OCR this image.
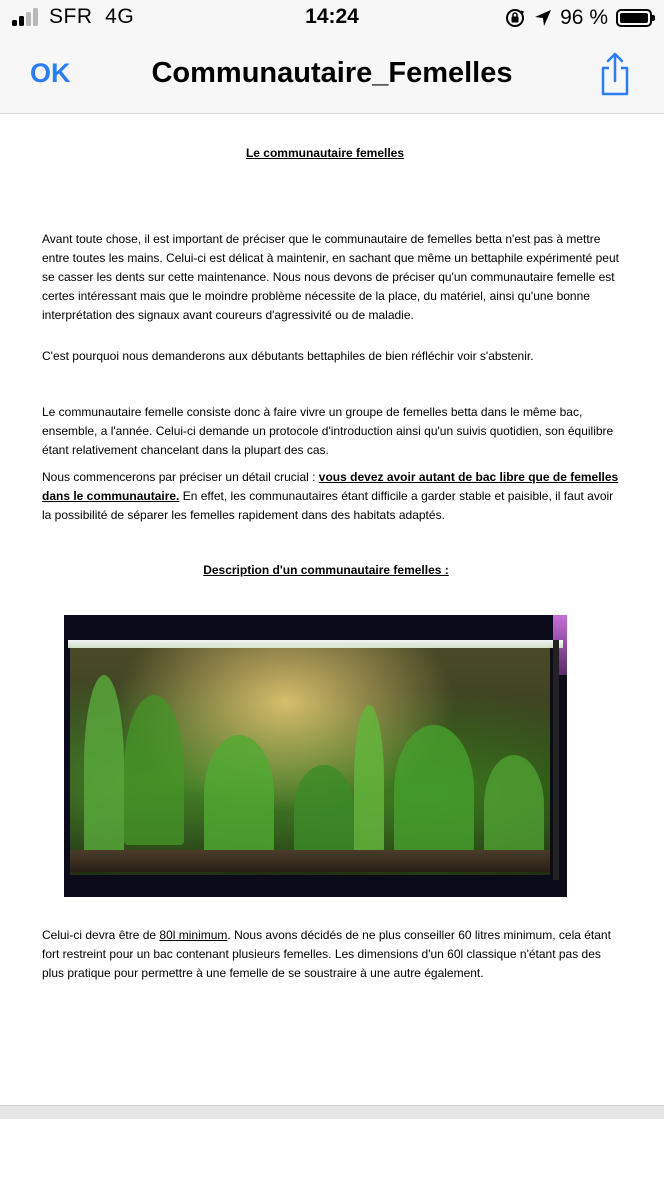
SFR 4G	14:24	96 %
OK	Communautaire_Femelles
Le communautaire femelles

Avant toute chose, il est important de préciser que le communautaire de femelles betta n'est pas à mettre entre toutes les mains. Celui-ci est délicat à maintenir, en sachant que même un bettaphile expérimenté peut se casser les dents sur cette maintenance. Nous nous devons de préciser qu'un communautaire femelle est certes intéressant mais que le moindre problème nécessite de la place, du matériel, ainsi qu'une bonne interprétation des signaux avant coureurs d'agressivité ou de maladie.

C'est pourquoi nous demanderons aux débutants bettaphiles de bien réfléchir voir s'abstenir.

Le communautaire femelle consiste donc à faire vivre un groupe de femelles betta dans le même bac, ensemble, a l'année. Celui-ci demande un protocole d'introduction ainsi qu'un suivis quotidien, son équilibre étant relativement chancelant dans la plupart des cas.

Nous commencerons par préciser un détail crucial : vous devez avoir autant de bac libre que de femelles dans le communautaire. En effet, les communautaires étant difficile a garder stable et paisible, il faut avoir la possibilité de séparer les femelles rapidement dans des habitats adaptés.

Description d'un communautaire femelles :

Celui-ci devra être de 80l minimum. Nous avons décidés de ne plus conseiller 60 litres minimum, cela étant fort restreint pour un bac contenant plusieurs femelles. Les dimensions d'un 60l classique n'étant pas des plus pratique pour permettre à une femelle de se soustraire à une autre également.
